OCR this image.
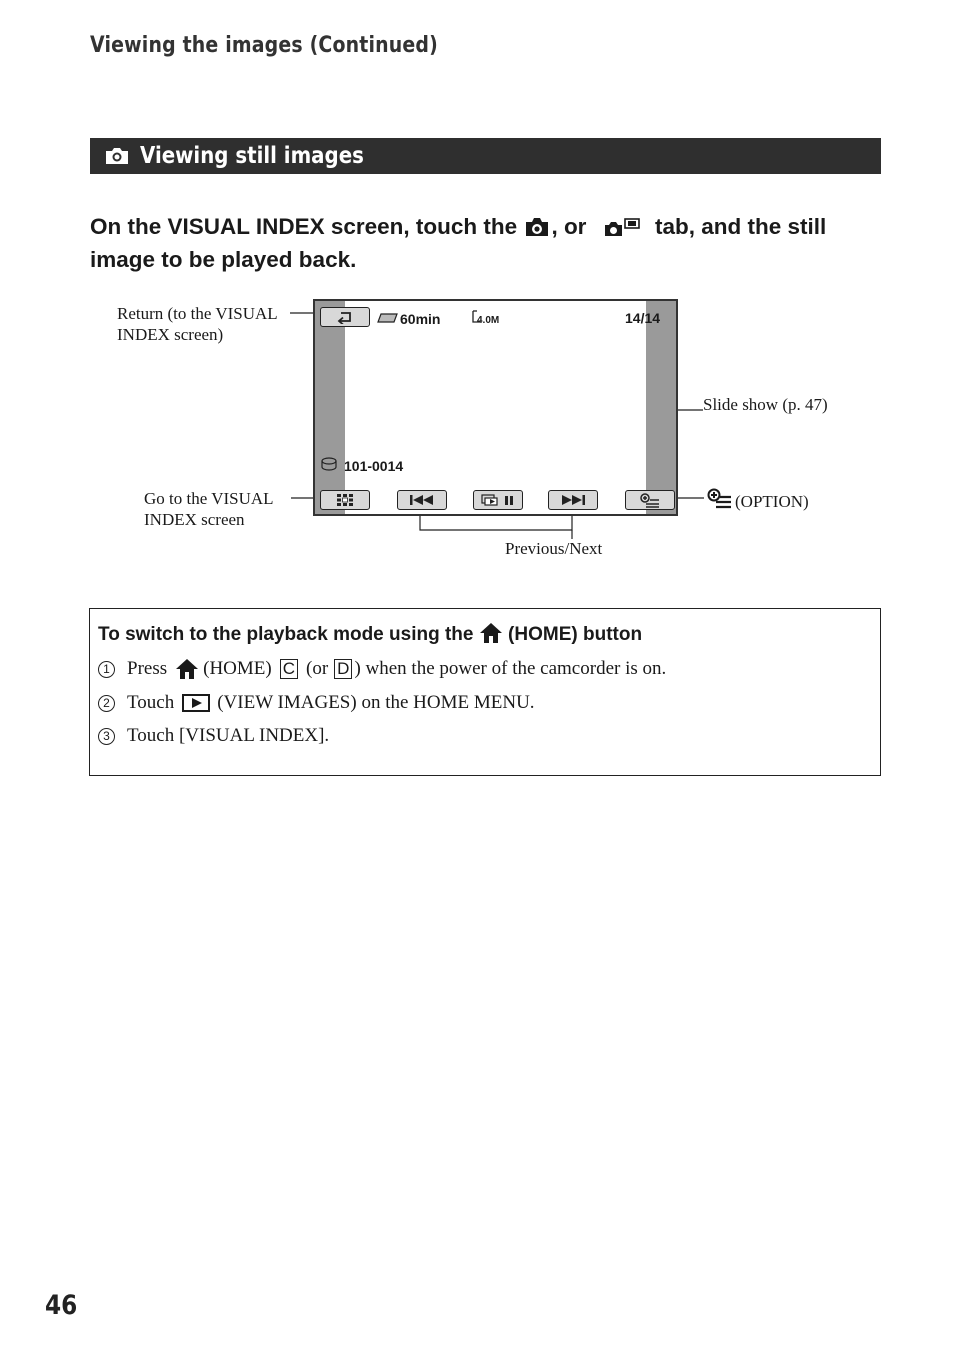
Viewing the images (Continued)
Viewing still images
On the VISUAL INDEX screen, touch the , or	tab, and the still image to be played back.
Return (to the VISUAL
INDEX screen)
Go to the VISUAL
INDEX screen
Slide show (p. 47)
(OPTION)
Previous/Next
60min	4.0M	14/14
101-0014
To switch to the playback mode using the (HOME) button
1 Press (HOME) C (or D ) when the power of the camcorder is on.
2 Touch (VIEW IMAGES) on the HOME MENU.
3 Touch [VISUAL INDEX].
46
